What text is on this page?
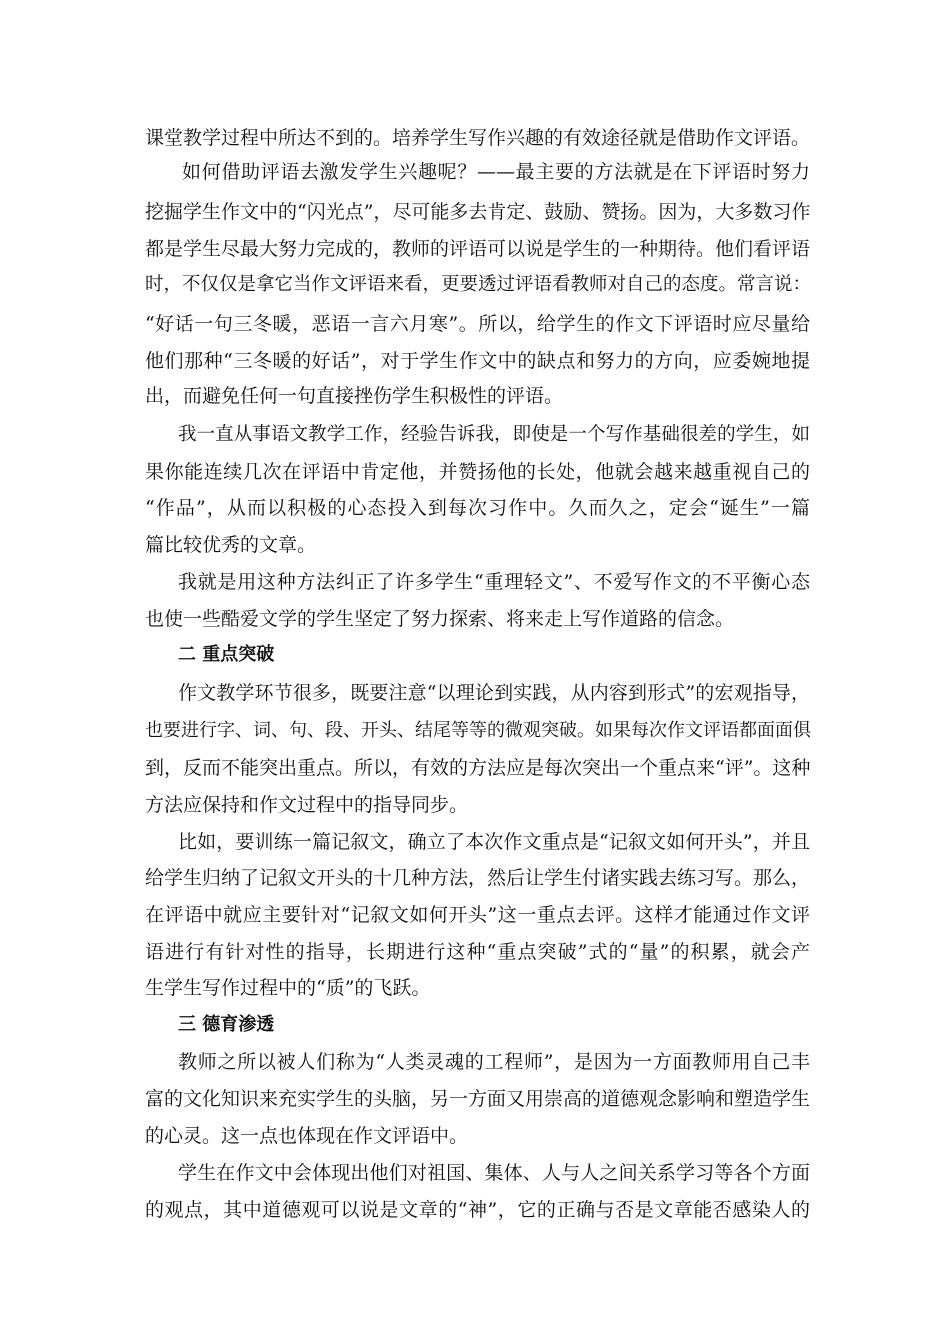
课堂教学过程中所达不到的。培养学生写作兴趣的有效途径就是借助作文评语。
如何借助评语去激发学生兴趣呢？——最主要的方法就是在下评语时努力
挖掘学生作文中的“闪光点”，尽可能多去肯定、鼓励、赞扬。因为，大多数习作
都是学生尽最大努力完成的，教师的评语可以说是学生的一种期待。他们看评语
时，不仅仅是拿它当作文评语来看，更要透过评语看教师对自己的态度。常言说：
“好话一句三冬暖，恶语一言六月寒”。所以，给学生的作文下评语时应尽量给
他们那种“三冬暖的好话”，对于学生作文中的缺点和努力的方向，应委婉地提
出，而避免任何一句直接挫伤学生积极性的评语。
我一直从事语文教学工作，经验告诉我，即使是一个写作基础很差的学生，如
果你能连续几次在评语中肯定他，并赞扬他的长处，他就会越来越重视自己的
“作品”，从而以积极的心态投入到每次习作中。久而久之，定会“诞生”一篇
篇比较优秀的文章。
我就是用这种方法纠正了许多学生“重理轻文”、不爱写作文的不平衡心态
也使一些酷爱文学的学生坚定了努力探索、将来走上写作道路的信念。
二 重点突破
作文教学环节很多，既要注意“以理论到实践，从内容到形式”的宏观指导，
也要进行字、词、句、段、开头、结尾等等的微观突破。如果每次作文评语都面面俱
到，反而不能突出重点。所以，有效的方法应是每次突出一个重点来“评”。这种
方法应保持和作文过程中的指导同步。
比如，要训练一篇记叙文，确立了本次作文重点是“记叙文如何开头”，并且
给学生归纳了记叙文开头的十几种方法，然后让学生付诸实践去练习写。那么，
在评语中就应主要针对“记叙文如何开头”这一重点去评。这样才能通过作文评
语进行有针对性的指导，长期进行这种“重点突破”式的“量”的积累，就会产
生学生写作过程中的“质”的飞跃。
三 德育渗透
教师之所以被人们称为“人类灵魂的工程师”，是因为一方面教师用自己丰
富的文化知识来充实学生的头脑，另一方面又用崇高的道德观念影响和塑造学生
的心灵。这一点也体现在作文评语中。
学生在作文中会体现出他们对祖国、集体、人与人之间关系学习等各个方面
的观点，其中道德观可以说是文章的“神”，它的正确与否是文章能否感染人的
